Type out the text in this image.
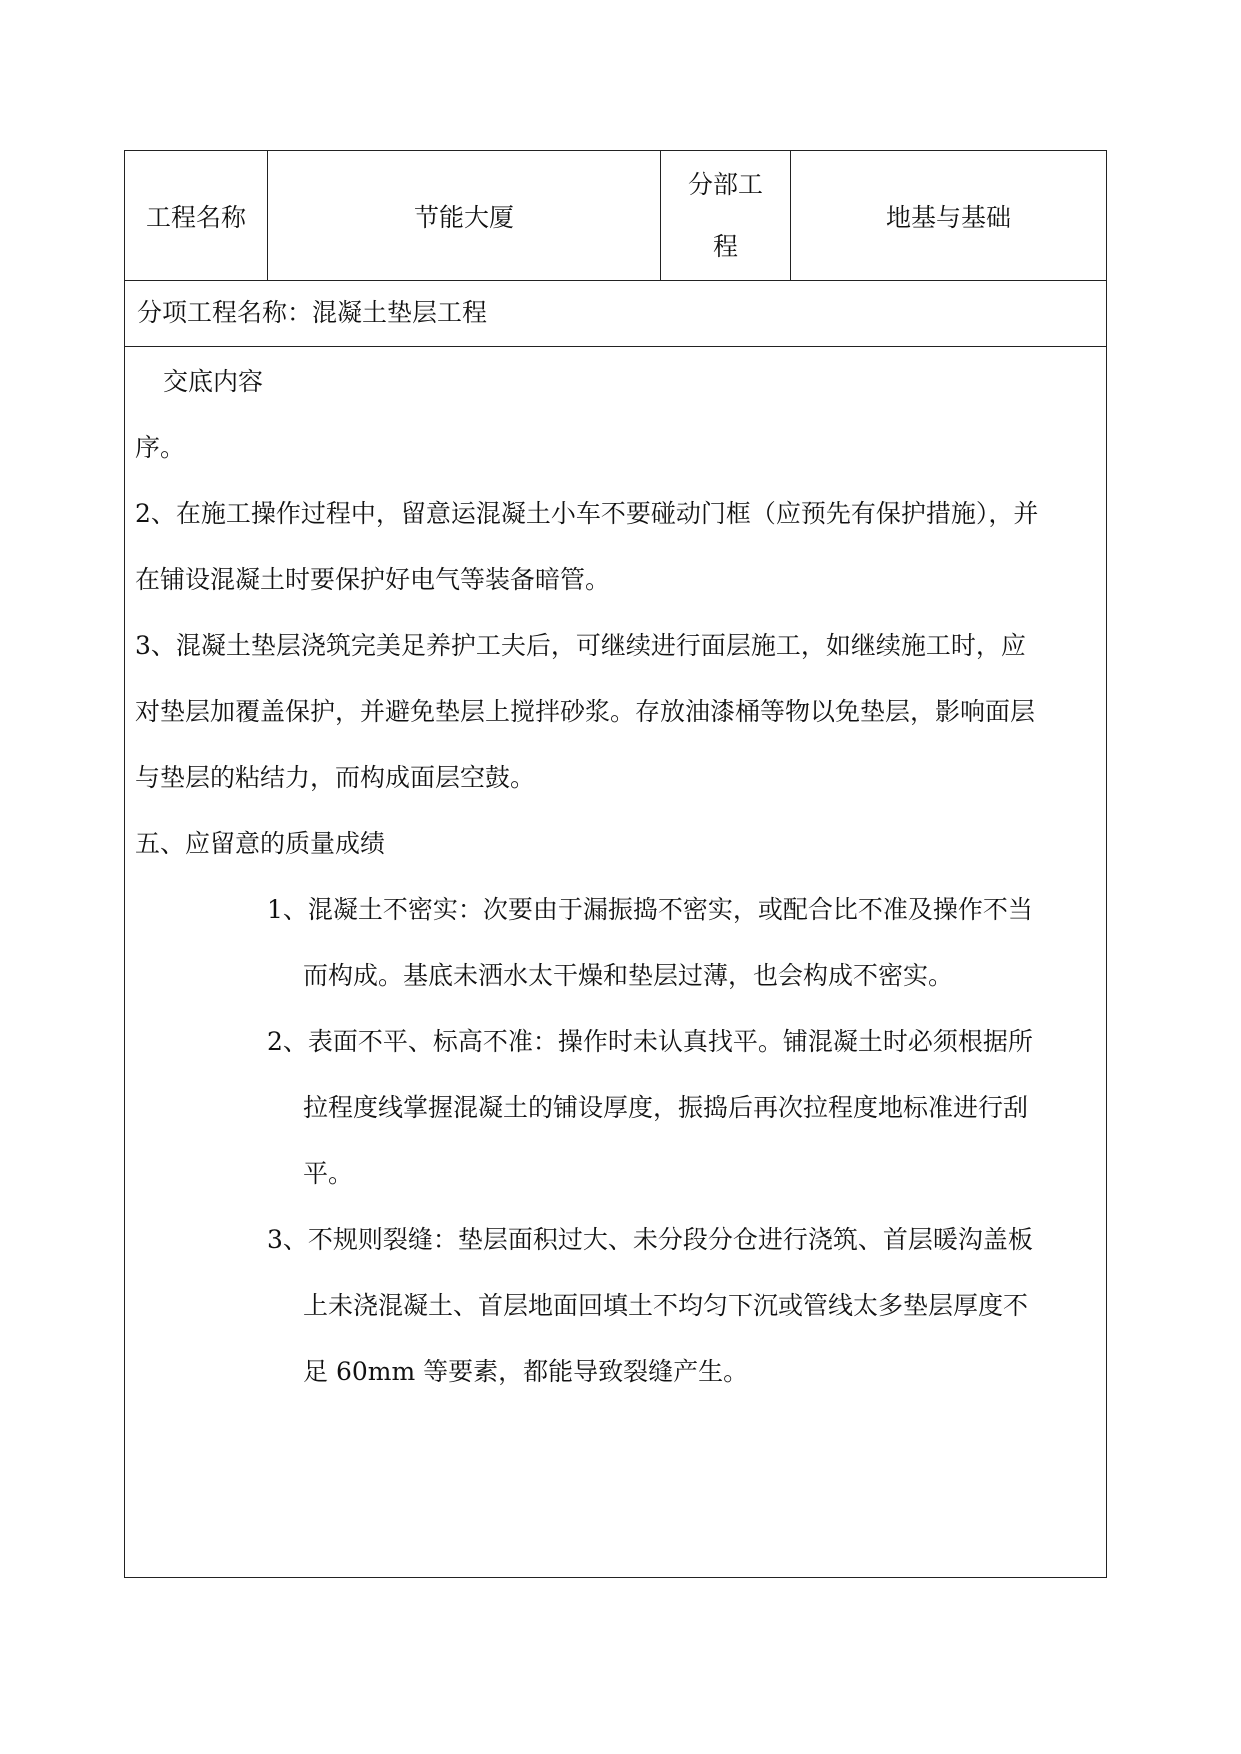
工程名称	节能大厦
分部工
程
地基与基础
分项工程名称：混凝土垫层工程
交底内容
序。
2、在施工操作过程中，留意运混凝土小车不要碰动门框（应预先有保护措施），并
在铺设混凝土时要保护好电气等装备暗管。
3、混凝土垫层浇筑完美足养护工夫后，可继续进行面层施工，如继续施工时，应
对垫层加覆盖保护，并避免垫层上搅拌砂浆。存放油漆桶等物以免垫层，影响面层
与垫层的粘结力，而构成面层空鼓。
五、应留意的质量成绩
1、混凝土不密实：次要由于漏振捣不密实，或配合比不准及操作不当
而构成。基底未洒水太干燥和垫层过薄，也会构成不密实。
2、表面不平、标高不准：操作时未认真找平。铺混凝土时必须根据所
拉程度线掌握混凝土的铺设厚度，振捣后再次拉程度地标准进行刮
平。
3、不规则裂缝：垫层面积过大、未分段分仓进行浇筑、首层暖沟盖板
上未浇混凝土、首层地面回填土不均匀下沉或管线太多垫层厚度不
足 60mm 等要素，都能导致裂缝产生。
